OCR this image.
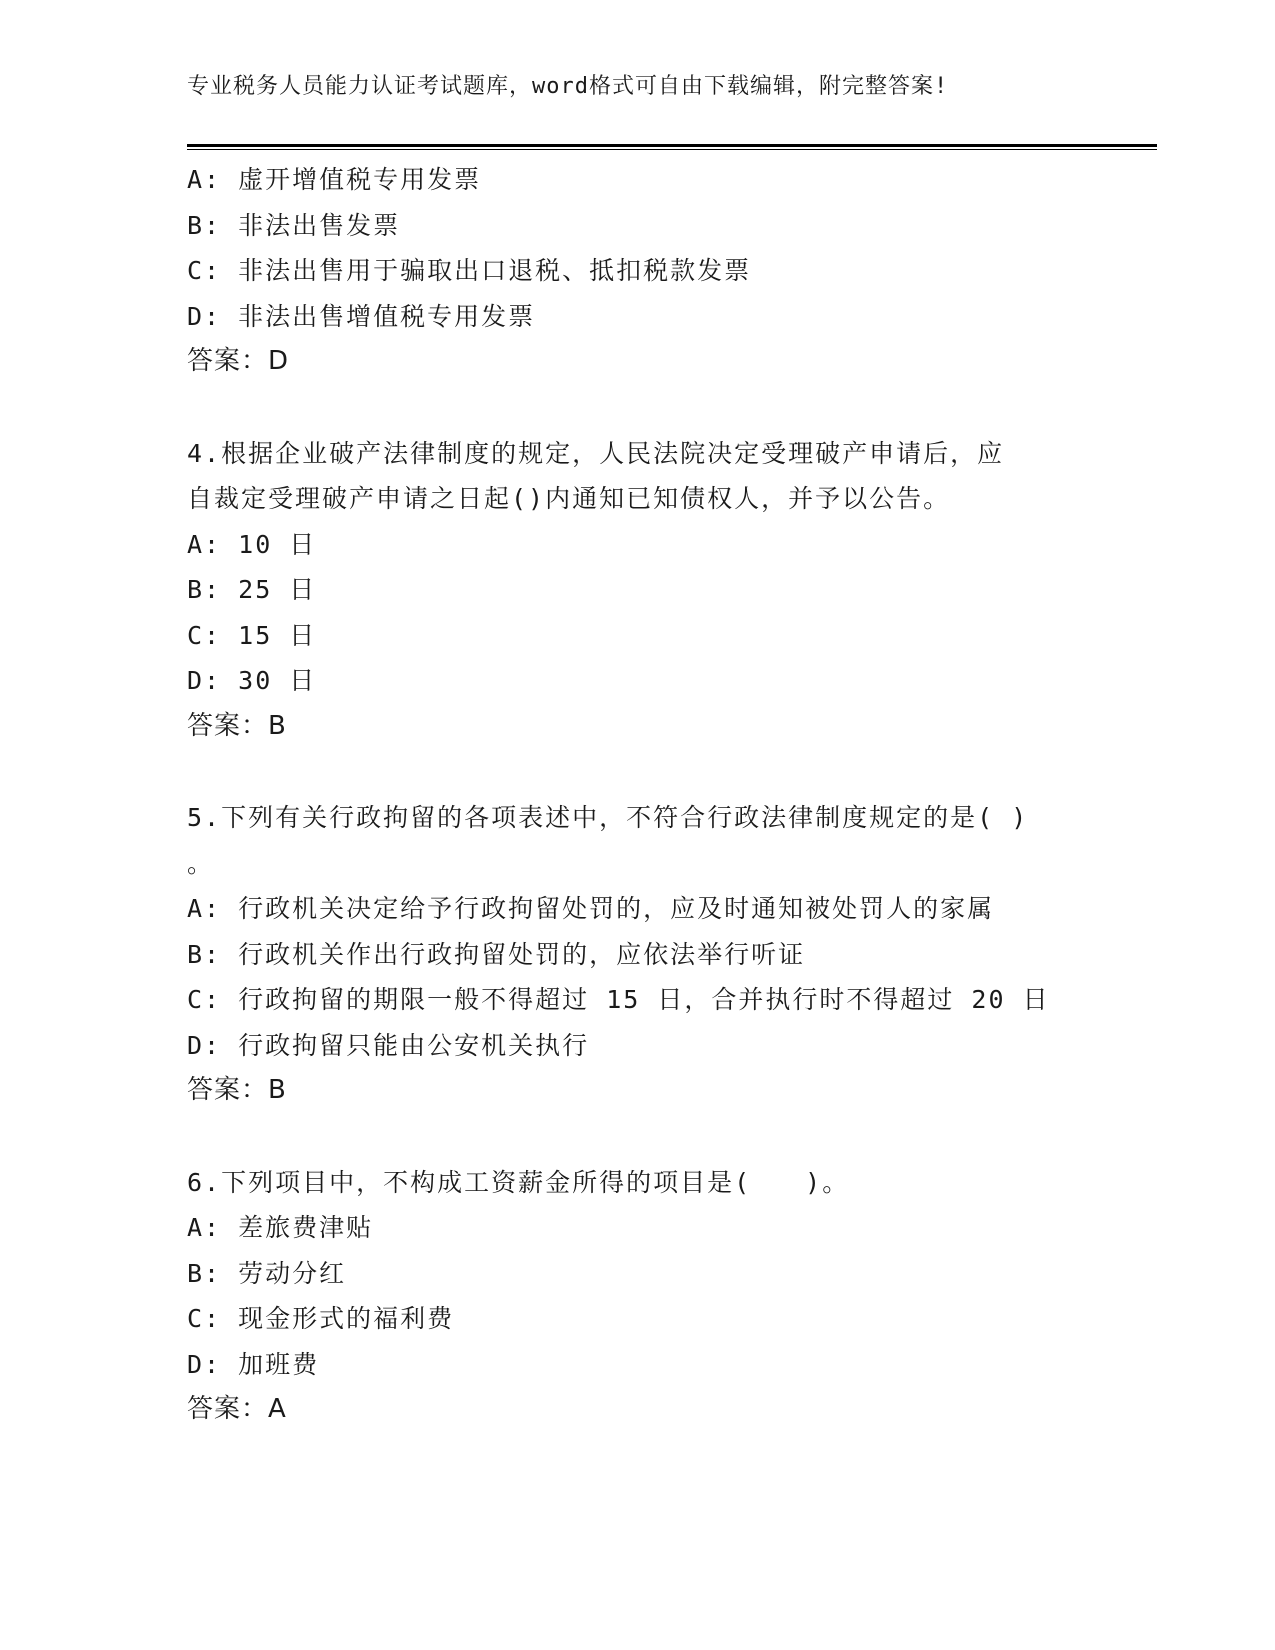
专业税务人员能力认证考试题库，word格式可自由下载编辑，附完整答案!
A: 虚开增值税专用发票
B: 非法出售发票
C: 非法出售用于骗取出口退税、抵扣税款发票
D: 非法出售增值税专用发票
答案：D
4.根据企业破产法律制度的规定，人民法院决定受理破产申请后，应
自裁定受理破产申请之日起()内通知已知债权人，并予以公告。
A: 10 日
B: 25 日
C: 15 日
D: 30 日
答案：B
5.下列有关行政拘留的各项表述中，不符合行政法律制度规定的是( )
。
A: 行政机关决定给予行政拘留处罚的，应及时通知被处罚人的家属
B: 行政机关作出行政拘留处罚的，应依法举行听证
C: 行政拘留的期限一般不得超过 15 日，合并执行时不得超过 20 日
D: 行政拘留只能由公安机关执行
答案：B
6.下列项目中，不构成工资薪金所得的项目是(　　)。
A: 差旅费津贴
B: 劳动分红
C: 现金形式的福利费
D: 加班费
答案：A
